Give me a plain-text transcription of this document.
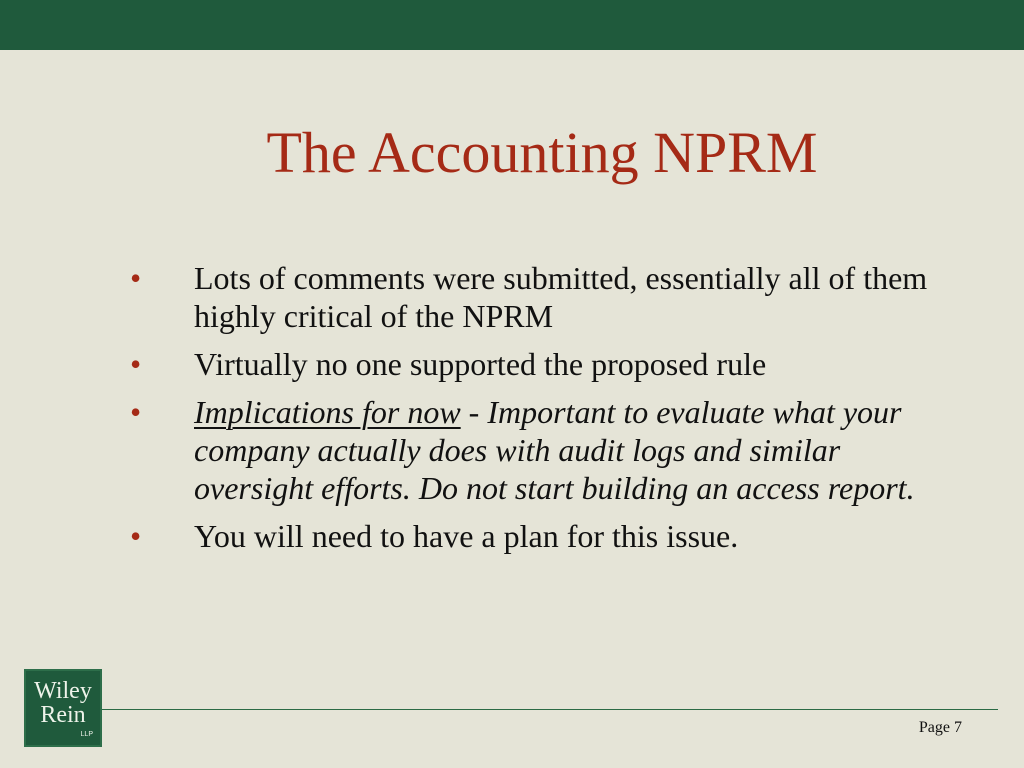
The Accounting NPRM
•	Lots of comments were submitted, essentially all of them highly critical of the NPRM
•	Virtually no one supported the proposed rule
•	Implications for now - Important to evaluate what your company actually does with audit logs and similar oversight efforts. Do not start building an access report.
•	You will need to have a plan for this issue.
Wiley
Rein
LLP	Page 7
